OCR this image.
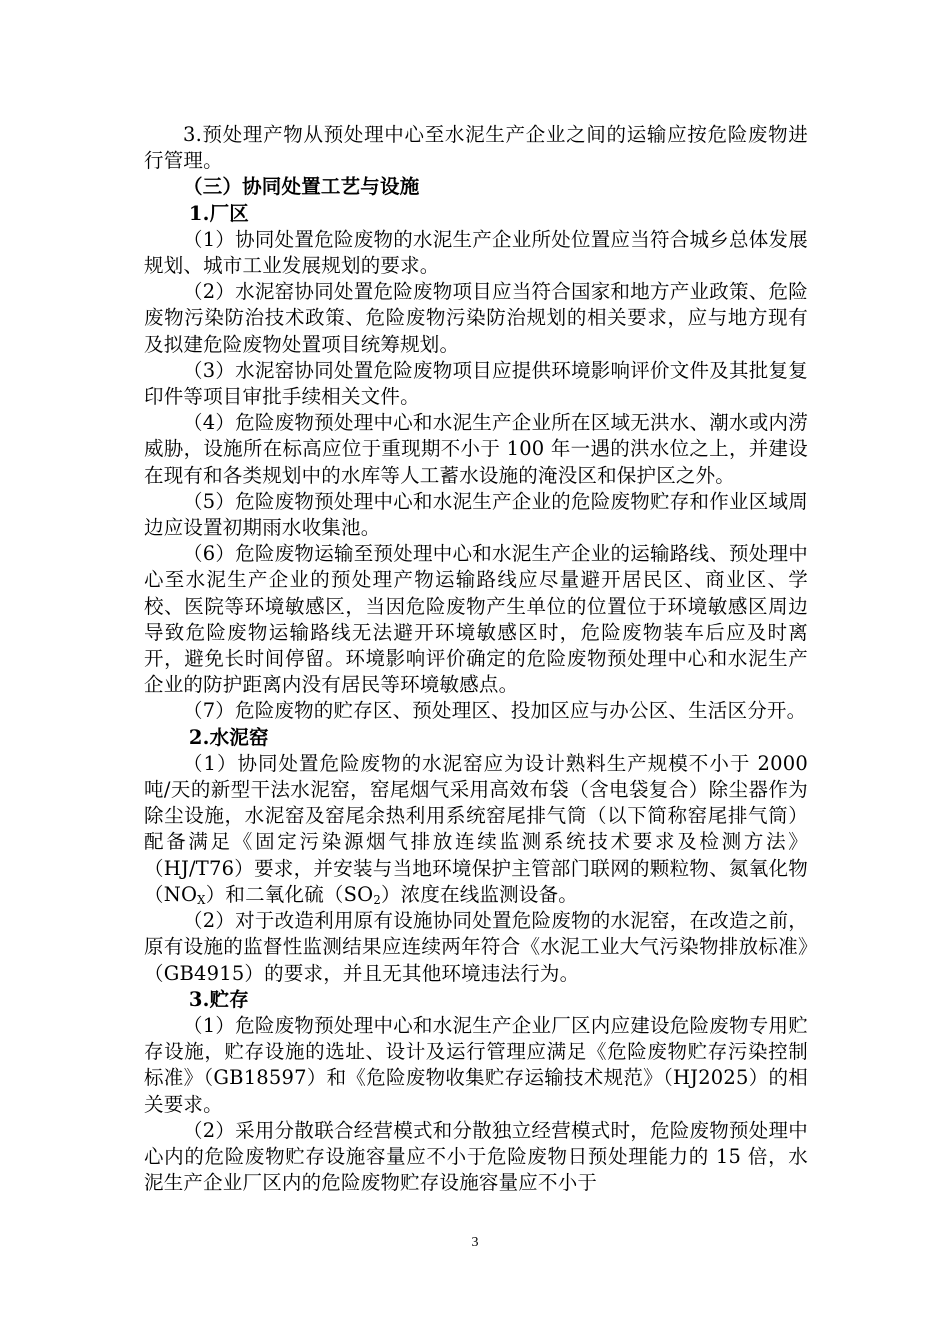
3.预处理产物从预处理中心至水泥生产企业之间的运输应按危险废物进行管理。

（三）协同处置工艺与设施

1.厂区

（1）协同处置危险废物的水泥生产企业所处位置应当符合城乡总体发展规划、城市工业发展规划的要求。

（2）水泥窑协同处置危险废物项目应当符合国家和地方产业政策、危险废物污染防治技术政策、危险废物污染防治规划的相关要求，应与地方现有及拟建危险废物处置项目统筹规划。

（3）水泥窑协同处置危险废物项目应提供环境影响评价文件及其批复复印件等项目审批手续相关文件。

（4）危险废物预处理中心和水泥生产企业所在区域无洪水、潮水或内涝威胁，设施所在标高应位于重现期不小于 100 年一遇的洪水位之上，并建设在现有和各类规划中的水库等人工蓄水设施的淹没区和保护区之外。

（5）危险废物预处理中心和水泥生产企业的危险废物贮存和作业区域周边应设置初期雨水收集池。

（6）危险废物运输至预处理中心和水泥生产企业的运输路线、预处理中心至水泥生产企业的预处理产物运输路线应尽量避开居民区、商业区、学校、医院等环境敏感区，当因危险废物产生单位的位置位于环境敏感区周边导致危险废物运输路线无法避开环境敏感区时，危险废物装车后应及时离开，避免长时间停留。环境影响评价确定的危险废物预处理中心和水泥生产企业的防护距离内没有居民等环境敏感点。

（7）危险废物的贮存区、预处理区、投加区应与办公区、生活区分开。

2.水泥窑

（1）协同处置危险废物的水泥窑应为设计熟料生产规模不小于 2000 吨/天的新型干法水泥窑，窑尾烟气采用高效布袋（含电袋复合）除尘器作为除尘设施，水泥窑及窑尾余热利用系统窑尾排气筒（以下简称窑尾排气筒）配备满足《固定污染源烟气排放连续监测系统技术要求及检测方法》（HJ/T76）要求，并安装与当地环境保护主管部门联网的颗粒物、氮氧化物$(NO_X)$和二氧化硫$(SO_2)$浓度在线监测设备。

（2）对于改造利用原有设施协同处置危险废物的水泥窑，在改造之前，原有设施的监督性监测结果应连续两年符合《水泥工业大气污染物排放标准》（GB4915）的要求，并且无其他环境违法行为。

3.贮存

（1）危险废物预处理中心和水泥生产企业厂区内应建设危险废物专用贮存设施，贮存设施的选址、设计及运行管理应满足《危险废物贮存污染控制标准》（GB18597）和《危险废物收集贮存运输技术规范》（HJ2025）的相关要求。

（2）采用分散联合经营模式和分散独立经营模式时，危险废物预处理中心内的危险废物贮存设施容量应不小于危险废物日预处理能力的 15 倍，水泥生产企业厂区内的危险废物贮存设施容量应不小于

3
